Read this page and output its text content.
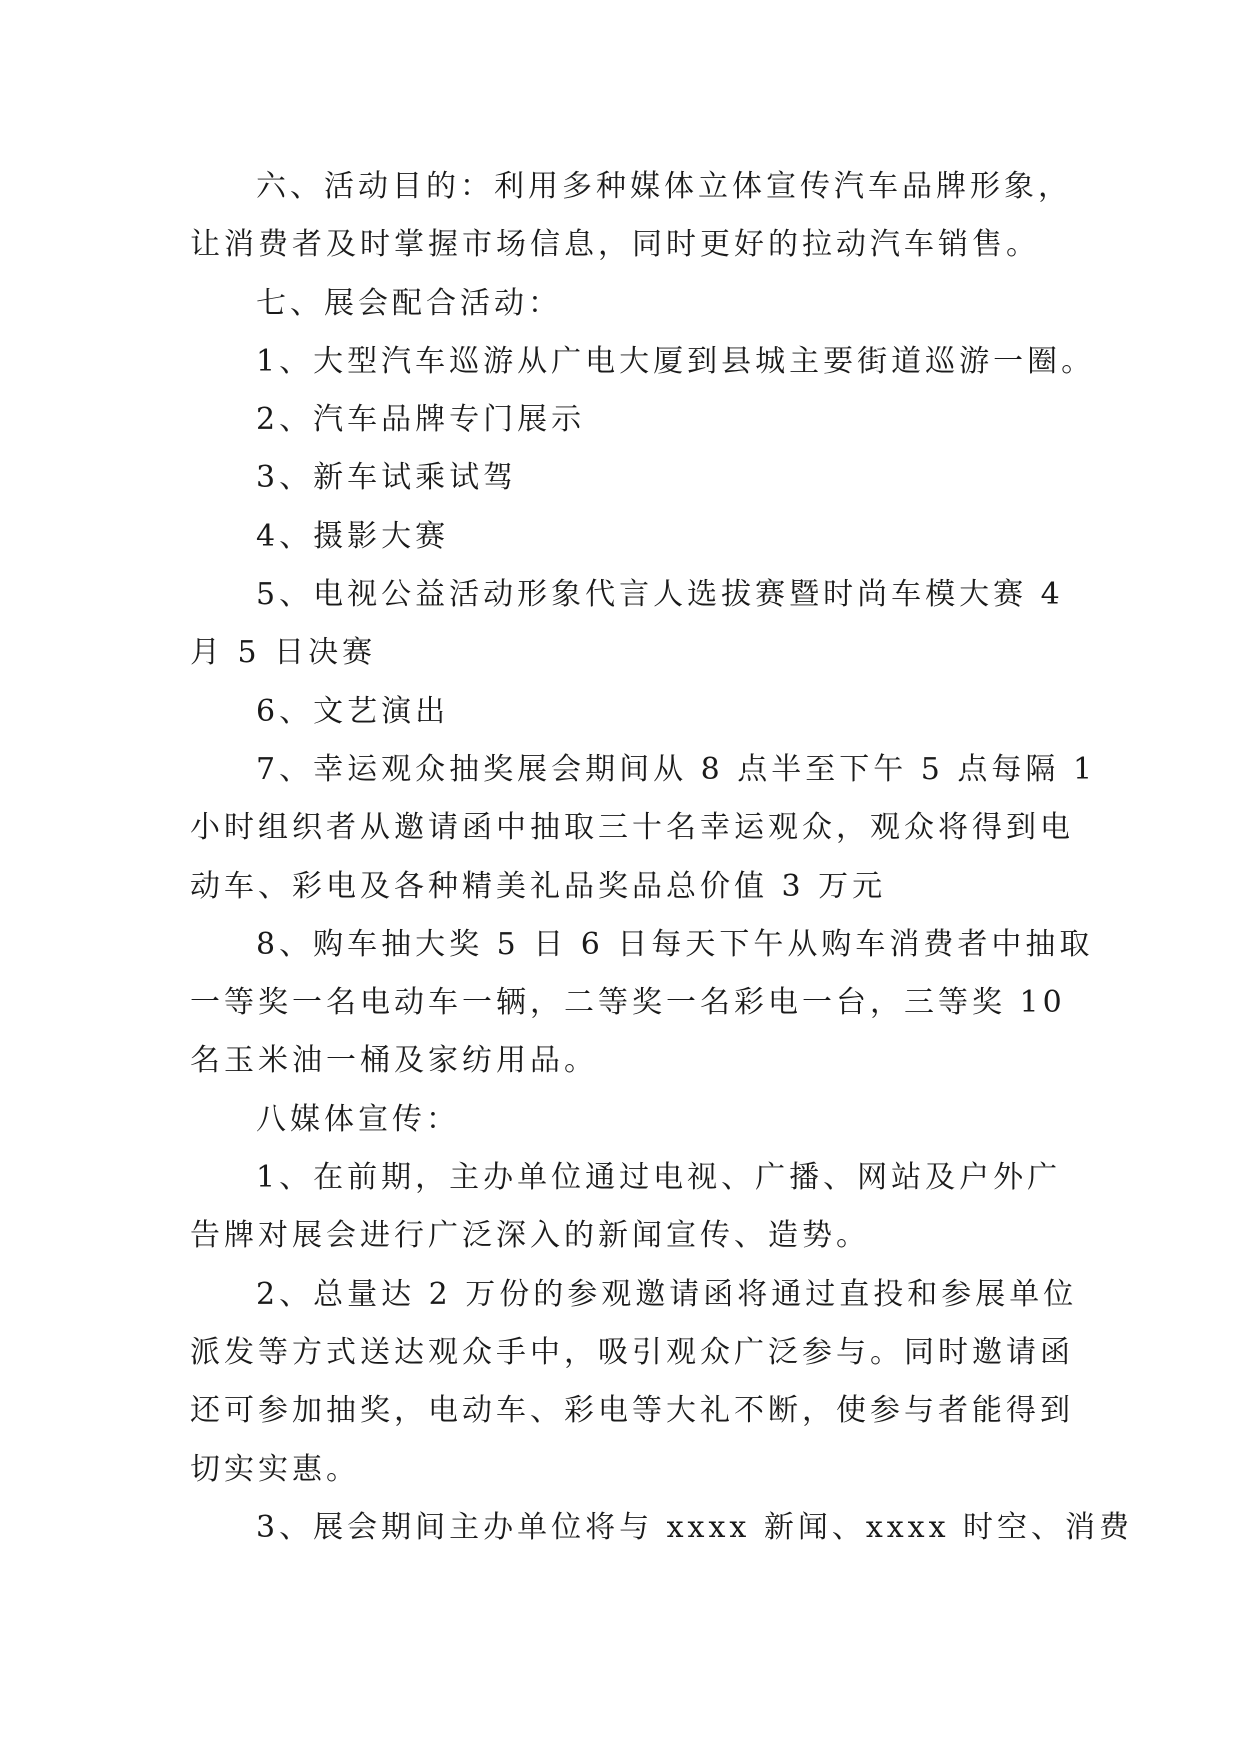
六、活动目的：利用多种媒体立体宣传汽车品牌形象，
让消费者及时掌握市场信息，同时更好的拉动汽车销售。
七、展会配合活动：
1、大型汽车巡游从广电大厦到县城主要街道巡游一圈。
2、汽车品牌专门展示
3、新车试乘试驾
4、摄影大赛
5、电视公益活动形象代言人选拔赛暨时尚车模大赛 4
月 5 日决赛
6、文艺演出
7、幸运观众抽奖展会期间从 8 点半至下午 5 点每隔 1
小时组织者从邀请函中抽取三十名幸运观众，观众将得到电
动车、彩电及各种精美礼品奖品总价值 3 万元
8、购车抽大奖 5 日 6 日每天下午从购车消费者中抽取
一等奖一名电动车一辆，二等奖一名彩电一台，三等奖 10
名玉米油一桶及家纺用品。
八媒体宣传：
1、在前期，主办单位通过电视、广播、网站及户外广
告牌对展会进行广泛深入的新闻宣传、造势。
2、总量达 2 万份的参观邀请函将通过直投和参展单位
派发等方式送达观众手中，吸引观众广泛参与。同时邀请函
还可参加抽奖，电动车、彩电等大礼不断，使参与者能得到
切实实惠。
3、展会期间主办单位将与 xxxx 新闻、xxxx 时空、消费
